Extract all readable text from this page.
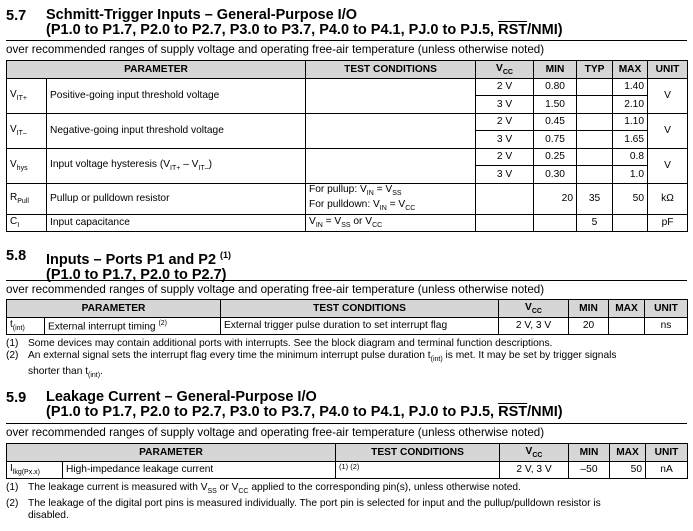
5.7 Schmitt-Trigger Inputs – General-Purpose I/O
(P1.0 to P1.7, P2.0 to P2.7, P3.0 to P3.7, P4.0 to P4.1, PJ.0 to PJ.5, $\overline{RST}/NMI$)
over recommended ranges of supply voltage and operating free-air temperature (unless otherwise noted)
PARAMETER		TEST CONDITIONS	$V_{CC}$	MIN	TYP	MAX	UNIT
$V_{IT+}$	Positive-going input threshold voltage		2 V	0.80		1.40	V
			3 V	1.50		2.10	
$V_{IT-}$	Negative-going input threshold voltage		2 V	0.45		1.10	V
			3 V	0.75		1.65	
$V_{hys}$	Input voltage hysteresis $(V_{IT+} - V_{IT-})$		2 V	0.25		0.8	V
			3 V	0.30		1.0	
$R_{Pull}$	Pullup or pulldown resistor	For pullup: $V_{IN} = V_{SS}$
For pulldown: $V_{IN} = V_{CC}$		20	35	50	kΩ
$C_I$	Input capacitance	$V_{IN} = V_{SS}$ or $V_{CC}$			5		pF
5.8 Inputs – Ports P1 and P2 $^{(1)}$
(P1.0 to P1.7, P2.0 to P2.7)
over recommended ranges of supply voltage and operating free-air temperature (unless otherwise noted)
PARAMETER		TEST CONDITIONS	$V_{CC}$	MIN	MAX	UNIT
$t_{(int)}$	External interrupt timing $^{(2)}$	External trigger pulse duration to set interrupt flag	2 V, 3 V	20		ns
(1) Some devices may contain additional ports with interrupts. See the block diagram and terminal function descriptions.
(2) An external signal sets the interrupt flag every time the minimum interrupt pulse duration $t_{(int)}$ is met. It may be set by trigger signals
shorter than $t_{(int)}$.
5.9 Leakage Current – General-Purpose I/O
(P1.0 to P1.7, P2.0 to P2.7, P3.0 to P3.7, P4.0 to P4.1, PJ.0 to PJ.5, $\overline{RST}/NMI$)
over recommended ranges of supply voltage and operating free-air temperature (unless otherwise noted)
PARAMETER		TEST CONDITIONS	$V_{CC}$	MIN	MAX	UNIT
$I_{lkg(Px.x)}$	High-impedance leakage current	(1) (2)	2 V, 3 V	–50	50	nA
(1) The leakage current is measured with $V_{SS}$ or $V_{CC}$ applied to the corresponding pin(s), unless otherwise noted.
(2) The leakage of the digital port pins is measured individually. The port pin is selected for input and the pullup/pulldown resistor is
disabled.
